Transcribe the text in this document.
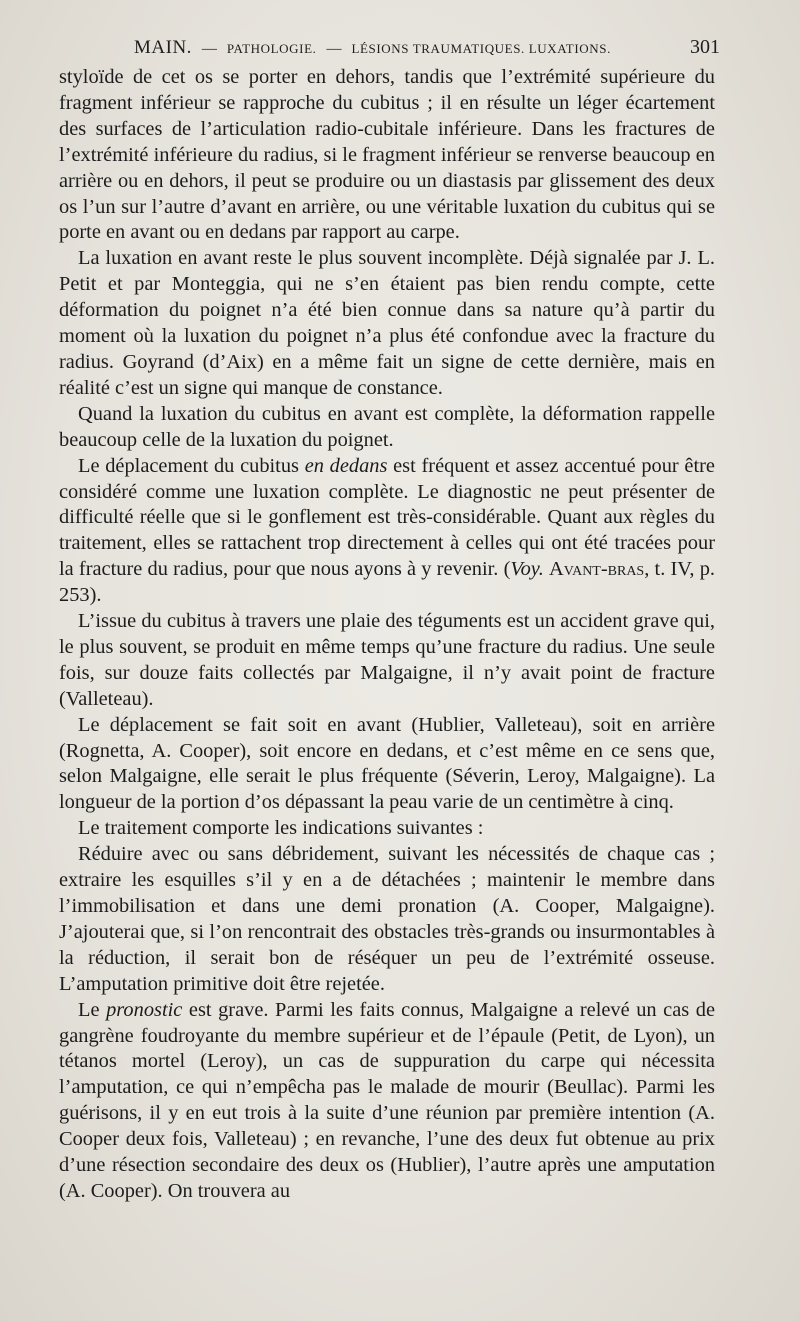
MAIN. — PATHOLOGIE. — LÉSIONS TRAUMATIQUES. LUXATIONS.	301

styloïde de cet os se porter en dehors, tandis que l’extrémité supérieure du fragment inférieur se rapproche du cubitus ; il en résulte un léger écartement des surfaces de l’articulation radio-cubitale inférieure. Dans les fractures de l’extrémité inférieure du radius, si le fragment inférieur se renverse beaucoup en arrière ou en dehors, il peut se produire ou un diastasis par glissement des deux os l’un sur l’autre d’avant en arrière, ou une véritable luxation du cubitus qui se porte en avant ou en dedans par rapport au carpe.

La luxation en avant reste le plus souvent incomplète. Déjà signalée par J. L. Petit et par Monteggia, qui ne s’en étaient pas bien rendu compte, cette déformation du poignet n’a été bien connue dans sa nature qu’à partir du moment où la luxation du poignet n’a plus été confondue avec la fracture du radius. Goyrand (d’Aix) en a même fait un signe de cette dernière, mais en réalité c’est un signe qui manque de constance.

Quand la luxation du cubitus en avant est complète, la déformation rappelle beaucoup celle de la luxation du poignet.

Le déplacement du cubitus en dedans est fréquent et assez accentué pour être considéré comme une luxation complète. Le diagnostic ne peut présenter de difficulté réelle que si le gonflement est très-considérable. Quant aux règles du traitement, elles se rattachent trop directement à celles qui ont été tracées pour la fracture du radius, pour que nous ayons à y revenir. (Voy. Avant-bras, t. IV, p. 253).

L’issue du cubitus à travers une plaie des téguments est un accident grave qui, le plus souvent, se produit en même temps qu’une fracture du radius. Une seule fois, sur douze faits collectés par Malgaigne, il n’y avait point de fracture (Valleteau).

Le déplacement se fait soit en avant (Hublier, Valleteau), soit en arrière (Rognetta, A. Cooper), soit encore en dedans, et c’est même en ce sens que, selon Malgaigne, elle serait le plus fréquente (Séverin, Leroy, Malgaigne). La longueur de la portion d’os dépassant la peau varie de un centimètre à cinq.

Le traitement comporte les indications suivantes :

Réduire avec ou sans débridement, suivant les nécessités de chaque cas ; extraire les esquilles s’il y en a de détachées ; maintenir le membre dans l’immobilisation et dans une demi pronation (A. Cooper, Malgaigne). J’ajouterai que, si l’on rencontrait des obstacles très-grands ou insurmontables à la réduction, il serait bon de réséquer un peu de l’extrémité osseuse. L’amputation primitive doit être rejetée.

Le pronostic est grave. Parmi les faits connus, Malgaigne a relevé un cas de gangrène foudroyante du membre supérieur et de l’épaule (Petit, de Lyon), un tétanos mortel (Leroy), un cas de suppuration du carpe qui nécessita l’amputation, ce qui n’empêcha pas le malade de mourir (Beullac). Parmi les guérisons, il y en eut trois à la suite d’une réunion par première intention (A. Cooper deux fois, Valleteau) ; en revanche, l’une des deux fut obtenue au prix d’une résection secondaire des deux os (Hublier), l’autre après une amputation (A. Cooper). On trouvera au
